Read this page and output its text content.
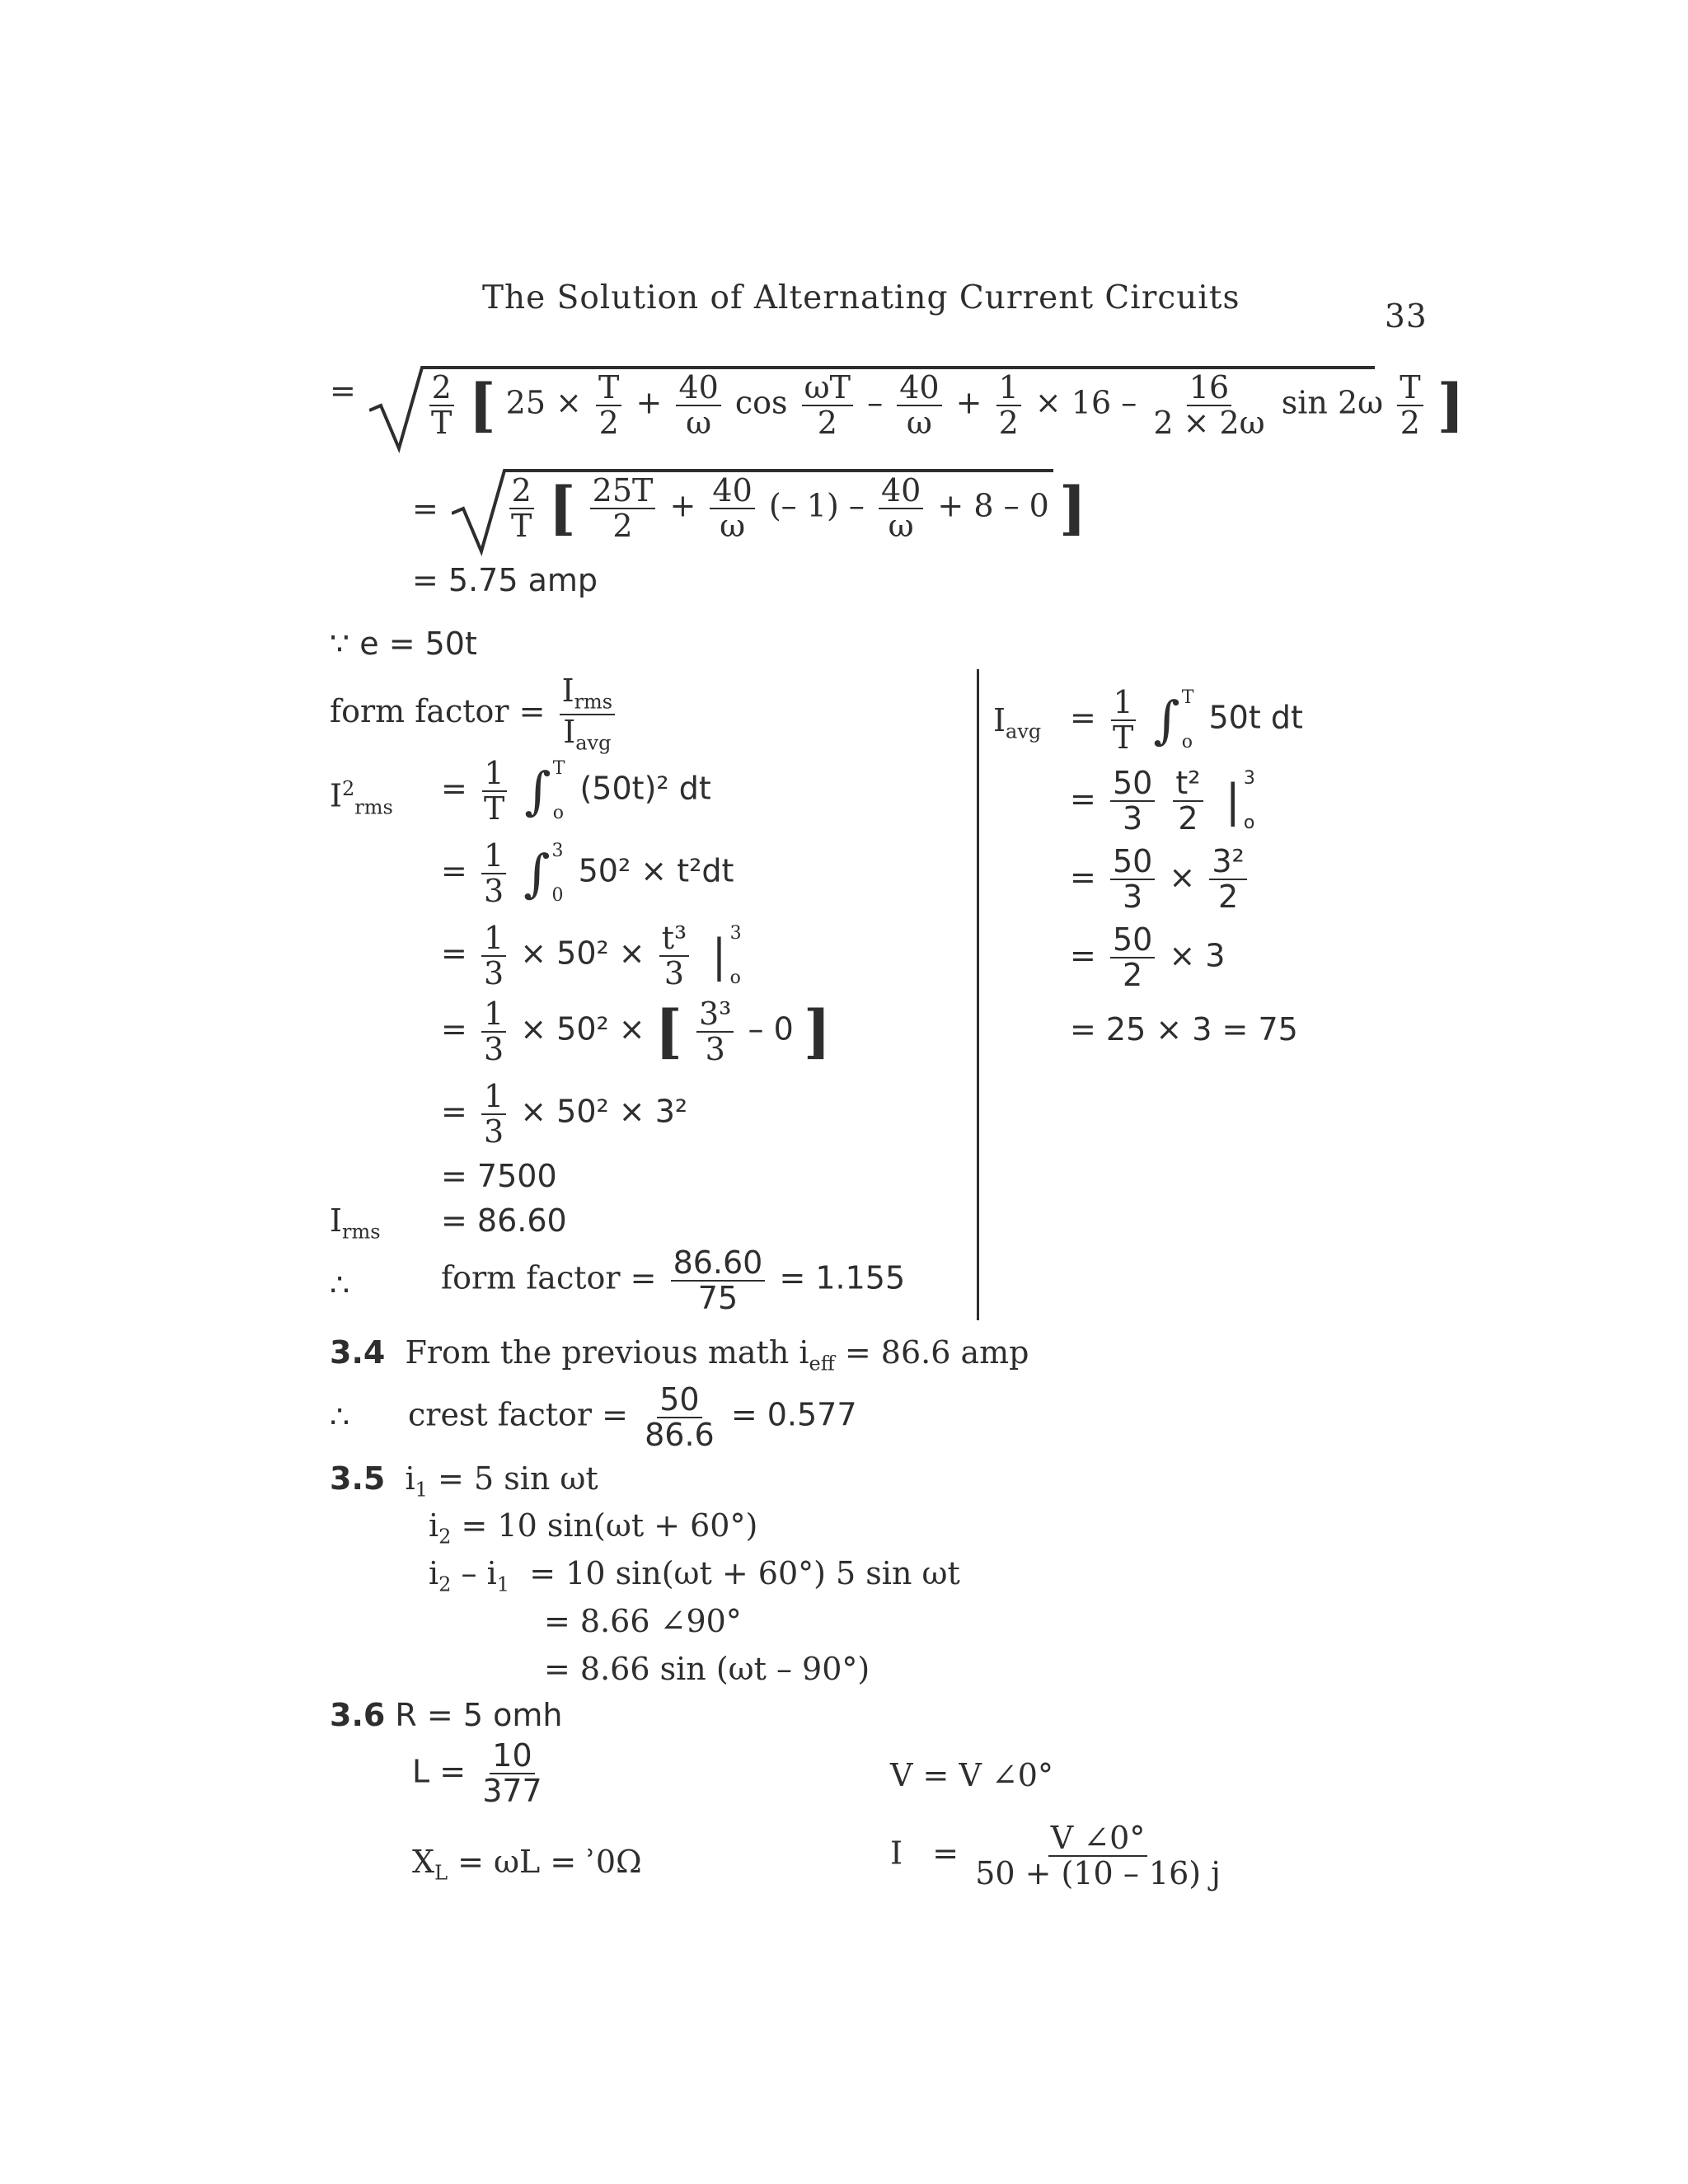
The Solution of Alternating Current Circuits
33
= $\frac{2}{T}$ [ $25 \times \frac{T}{2} + \frac{40}{\omega}$ $\cos \frac{\omega T}{2} - \frac{40}{\omega} + \frac{1}{2} \times 16 - \frac{16}{2 \times 2\omega}$ $\sin 2\omega \frac{T}{2}$ ]
= $\frac{2}{T}$ [ $\frac{25T}{2} + \frac{40}{\omega}$ (– $1) - \frac{40}{\omega} + 8 - 0$ ]
= 5.75 amp
∵ e = 50t
form factor = $\frac{I_{rms}}{I_{avg}}$
$I^2_{rms}$
= $\frac{1}{T}$ ∫ T
o
(50t)² dt
= $\frac{1}{3}$ ∫ 3
0
50² × t²dt
= $\frac{1}{3} \times 50^2 \times \frac{\text{t³}}{3}$ | 3
o
= $\frac{1}{3} \times 50^2$ × [ $\frac{\text{3³}}{3} - 0$ ]
= $\frac{1}{3} \times 50^2 \times 3^2$
= 7500
$I_{rms} = 86.60$
∴	form factor = $\frac{86.60}{75} = 1.155$
$I_{avg} = \frac{1}{T}$ ∫ T
o
50t dt
= $\frac{50}{3}$
$\frac{\text{t²}}{2}$ | 3
o
= $\frac{50}{3} \times \frac{\text{3²}}{2}$
= $\frac{50}{2} \times 3$
= 25 × 3 = 75
3.4 From the previous math $i_{eff} = 86.6$ amp
∴ crest factor = $\frac{50}{86.6} = 0.577$
3.5 $i_1 = 5$ sin ωt
$i_2 = 10$ sin(ωt + 60°)
$i_2 - i_1 = 10$ sin(ωt + 60°) 5 sin ωt
= 8.66 ∠90°
= 8.66 sin (ωt – 90°)
3.6 R = 5 omh
$L = \frac{10}{377}$	V = V ∠0°
$X_L = \omega L$ = ʾ0Ω	$I = \frac{V \angle 0^\circ}{50 + (10 - 16) j}$
